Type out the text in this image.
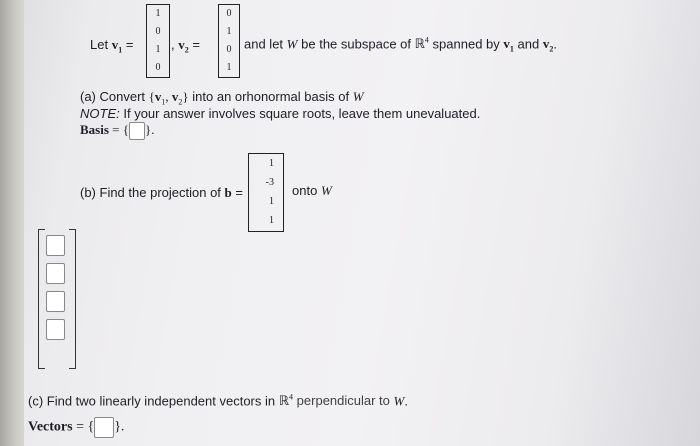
Let $v_1$ =
1
0
1
0
, $v_2$ =
0
1
0
1
and let W be the subspace of ℝ$^4$ spanned by $v_1$ and $v_2$.
(a) Convert {$v_1$, $v_2$} into an orhonormal basis of W
NOTE: If your answer involves square roots, leave them unevaluated.
Basis = { }.
(b) Find the projection of b =
1
-3
1
1
onto W
(c) Find two linearly independent vectors in ℝ$^4$ perpendicular to W.
Vectors = { }.
